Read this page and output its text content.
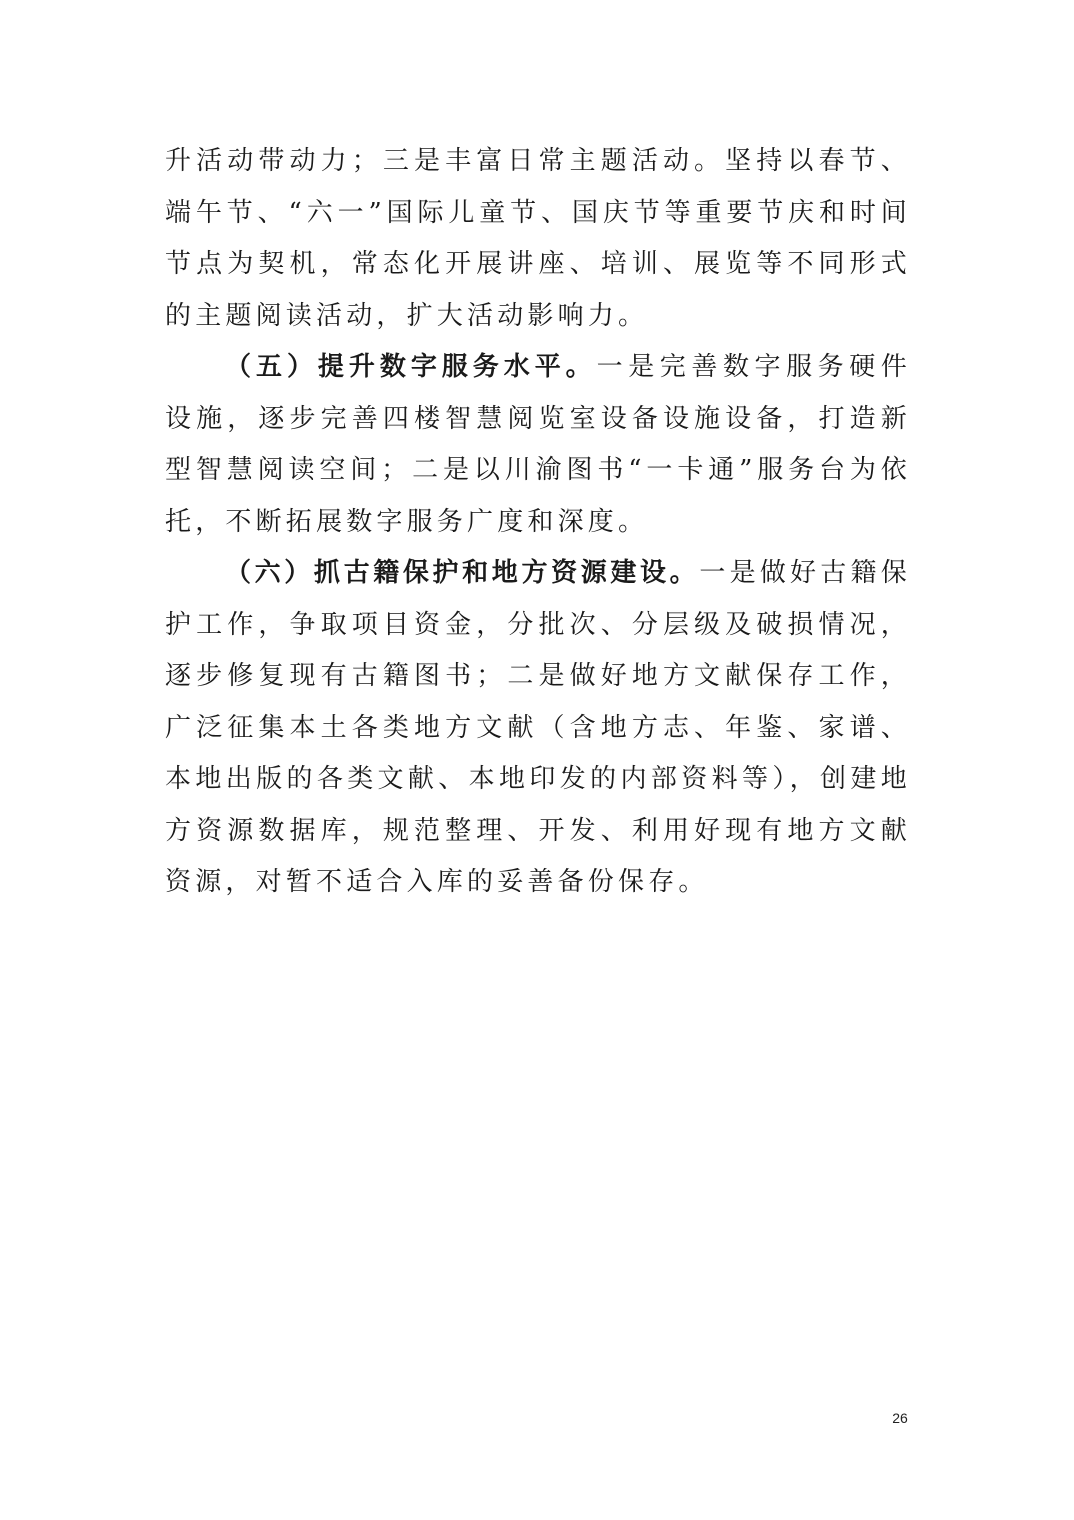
升活动带动力；三是丰富日常主题活动。坚持以春节、端午节、“六一”国际儿童节、国庆节等重要节庆和时间节点为契机，常态化开展讲座、培训、展览等不同形式的主题阅读活动，扩大活动影响力。

（五）提升数字服务水平。一是完善数字服务硬件设施，逐步完善四楼智慧阅览室设备设施设备，打造新型智慧阅读空间；二是以川渝图书“一卡通”服务台为依托，不断拓展数字服务广度和深度。

（六）抓古籍保护和地方资源建设。一是做好古籍保护工作，争取项目资金，分批次、分层级及破损情况，逐步修复现有古籍图书；二是做好地方文献保存工作，广泛征集本土各类地方文献（含地方志、年鉴、家谱、本地出版的各类文献、本地印发的内部资料等），创建地方资源数据库，规范整理、开发、利用好现有地方文献资源，对暂不适合入库的妥善备份保存。

26
